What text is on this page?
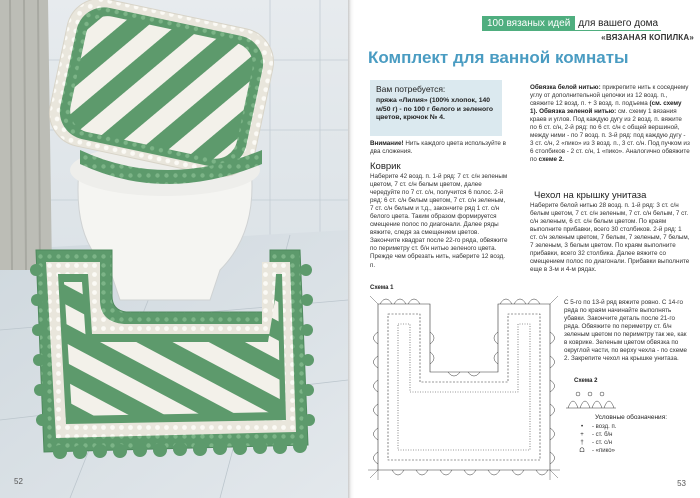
52
100 вязаных идей для вашего дома
«ВЯЗАНАЯ КОПИЛКА»
Комплект для ванной комнаты
Вам потребуется:
пряжа «Лилия» (100% хлопок, 140 м/50 г) - по 100 г белого и зеленого цветов, крючок № 4.
Внимание! Нить каждого цвета используйте в два сложения.
Коврик
Наберите 42 возд. п. 1-й ряд: 7 ст. с/н зеленым цветом, 7 ст. с/н белым цветом, далее чередуйте по 7 ст. с/н, получится 6 полос. 2-й ряд: 6 ст. с/н белым цветом, 7 ст. с/н зеленым, 7 ст. с/н белым и т.д., закончите ряд 1 ст. с/н белого цвета. Таким образом формируется смещение полос по диагонали. Далее ряды вяжите, следя за смещением цветов. Закончите квадрат после 22-го ряда, обвяжите по периметру ст. б/н нитью зеленого цвета. Прежде чем обрезать нить, наберите 12 возд. п.
Обвязка белой нитью: прикрепите нить к соседнему углу от дополнительной цепочки из 12 возд. п., свяжите 12 возд. п. + 3 возд. п. подъема (см. схему 1). Обвязка зеленой нитью: см. схему 1 вязания краев и углов. Под каждую дугу из 2 возд. п. вяжите по 6 ст. с/н, 2-й ряд: по 6 ст. с/н с общей вершиной, между ними - по 7 возд. п. 3-й ряд: под каждую дугу - 3 ст. с/н, 2 «пико» из 3 возд. п., 3 ст. с/н. Под пучком из 6 столбиков - 2 ст. с/н, 1 «пико». Аналогично обвяжите по схеме 2.
Чехол на крышку унитаза
Наберите белой нитью 28 возд. п. 1-й ряд: 3 ст. с/н белым цветом, 7 ст. с/н зеленым, 7 ст. с/н белым, 7 ст. с/н зеленым, 6 ст. с/н белым цветом. По краям выполните прибавки, всего 30 столбиков. 2-й ряд: 1 ст. с/н зеленым цветом, 7 белым, 7 зеленым, 7 белым, 7 зеленым, 3 белым цветом. По краям выполните прибавки, всего 32 столбика. Далее вяжите со смещением полос по диагонали. Прибавки выполните еще в 3-м и 4-м рядах.
С 5-го по 13-й ряд вяжите ровно. С 14-го ряда по краям начинайте выполнять убавки. Закончите деталь после 21-го ряда. Обвяжите по периметру ст. б/н зеленым цветом по периметру так же, как в коврике. Зеленым цветом обвязка по округлой части, по верху чехла - по схеме 2. Закрепите чехол на крышке унитаза.
Схема 1
Схема 2
Условные обозначения:
•	- возд. п.
+	- ст. б/н
†	- ст. с/н
ᗝ	- «пико»
53
